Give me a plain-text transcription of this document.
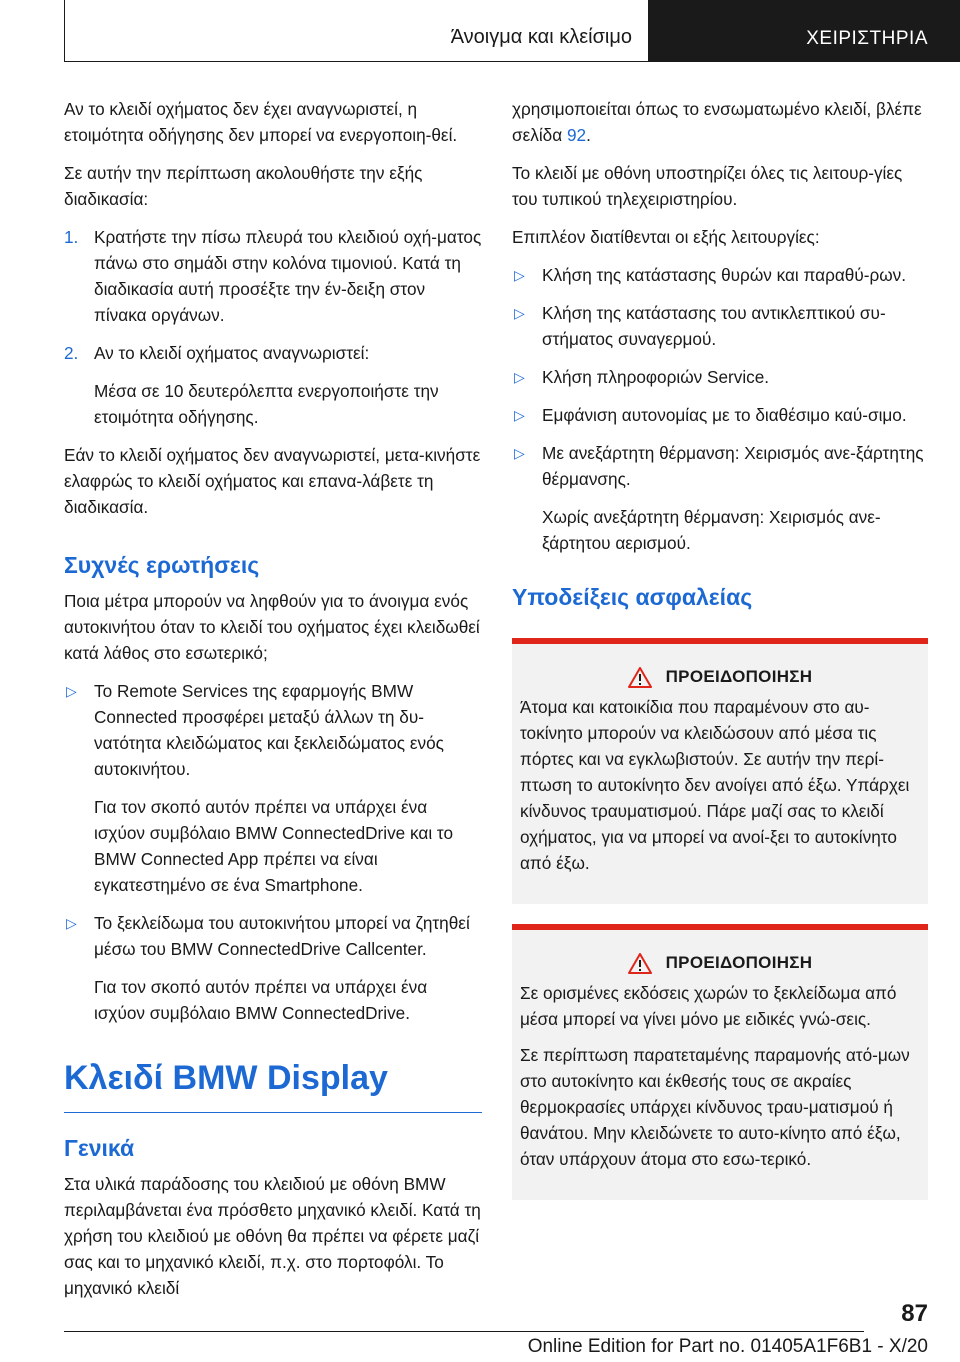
Άνοιγμα και κλείσιμο	ΧΕΙΡΙΣΤΗΡΙΑ

Αν το κλειδί οχήματος δεν έχει αναγνωριστεί, η ετοιμότητα οδήγησης δεν μπορεί να ενεργοποιη-θεί.

Σε αυτήν την περίπτωση ακολουθήστε την εξής διαδικασία:

1. Κρατήστε την πίσω πλευρά του κλειδιού οχή-ματος πάνω στο σημάδι στην κολόνα τιμονιού. Κατά τη διαδικασία αυτή προσέξτε την έν-δειξη στον πίνακα οργάνων.
2. Αν το κλειδί οχήματος αναγνωριστεί:
Μέσα σε 10 δευτερόλεπτα ενεργοποιήστε την ετοιμότητα οδήγησης.

Εάν το κλειδί οχήματος δεν αναγνωριστεί, μετα-κινήστε ελαφρώς το κλειδί οχήματος και επανα-λάβετε τη διαδικασία.

Συχνές ερωτήσεις

Ποια μέτρα μπορούν να ληφθούν για το άνοιγμα ενός αυτοκινήτου όταν το κλειδί του οχήματος έχει κλειδωθεί κατά λάθος στο εσωτερικό;

▷ Το Remote Services της εφαρμογής BMW Connected προσφέρει μεταξύ άλλων τη δυ-νατότητα κλειδώματος και ξεκλειδώματος ενός αυτοκινήτου.
Για τον σκοπό αυτόν πρέπει να υπάρχει ένα ισχύον συμβόλαιο BMW ConnectedDrive και το BMW Connected App πρέπει να είναι εγκατεστημένο σε ένα Smartphone.
▷ Το ξεκλείδωμα του αυτοκινήτου μπορεί να ζητηθεί μέσω του BMW ConnectedDrive Callcenter.
Για τον σκοπό αυτόν πρέπει να υπάρχει ένα ισχύον συμβόλαιο BMW ConnectedDrive.
Κλειδί BMW Display
Γενικά

Στα υλικά παράδοσης του κλειδιού με οθόνη BMW περιλαμβάνεται ένα πρόσθετο μηχανικό κλειδί. Κατά τη χρήση του κλειδιού με οθόνη θα πρέπει να φέρετε μαζί σας και το μηχανικό κλειδί, π.χ. στο πορτοφόλι. Το μηχανικό κλειδί

χρησιμοποιείται όπως το ενσωματωμένο κλειδί, βλέπε σελίδα 92.

Το κλειδί με οθόνη υποστηρίζει όλες τις λειτουρ-γίες του τυπικού τηλεχειριστηρίου.

Επιπλέον διατίθενται οι εξής λειτουργίες:

▷ Κλήση της κατάστασης θυρών και παραθύ-ρων.
▷ Κλήση της κατάστασης του αντικλεπτικού συ-στήματος συναγερμού.
▷ Κλήση πληροφοριών Service.
▷ Εμφάνιση αυτονομίας με το διαθέσιμο καύ-σιμο.
▷ Με ανεξάρτητη θέρμανση: Χειρισμός ανε-ξάρτητης θέρμανσης.
Χωρίς ανεξάρτητη θέρμανση: Χειρισμός ανε-ξάρτητου αερισμού.
Υποδείξεις ασφαλείας
ΠΡΟΕΙΔΟΠΟΙΗΣΗ

Άτομα και κατοικίδια που παραμένουν στο αυ-τοκίνητο μπορούν να κλειδώσουν από μέσα τις πόρτες και να εγκλωβιστούν. Σε αυτήν την περί-πτωση το αυτοκίνητο δεν ανοίγει από έξω. Υπάρχει κίνδυνος τραυματισμού. Πάρε μαζί σας το κλειδί οχήματος, για να μπορεί να ανοί-ξει το αυτοκίνητο από έξω.

ΠΡΟΕΙΔΟΠΟΙΗΣΗ

Σε ορισμένες εκδόσεις χωρών το ξεκλείδωμα από μέσα μπορεί να γίνει μόνο με ειδικές γνώ-σεις.

Σε περίπτωση παρατεταμένης παραμονής ατό-μων στο αυτοκίνητο και έκθεσής τους σε ακραίες θερμοκρασίες υπάρχει κίνδυνος τραυ-ματισμού ή θανάτου. Μην κλειδώνετε το αυτο-κίνητο από έξω, όταν υπάρχουν άτομα στο εσω-τερικό.

87
Online Edition for Part no. 01405A1F6B1 - X/20
